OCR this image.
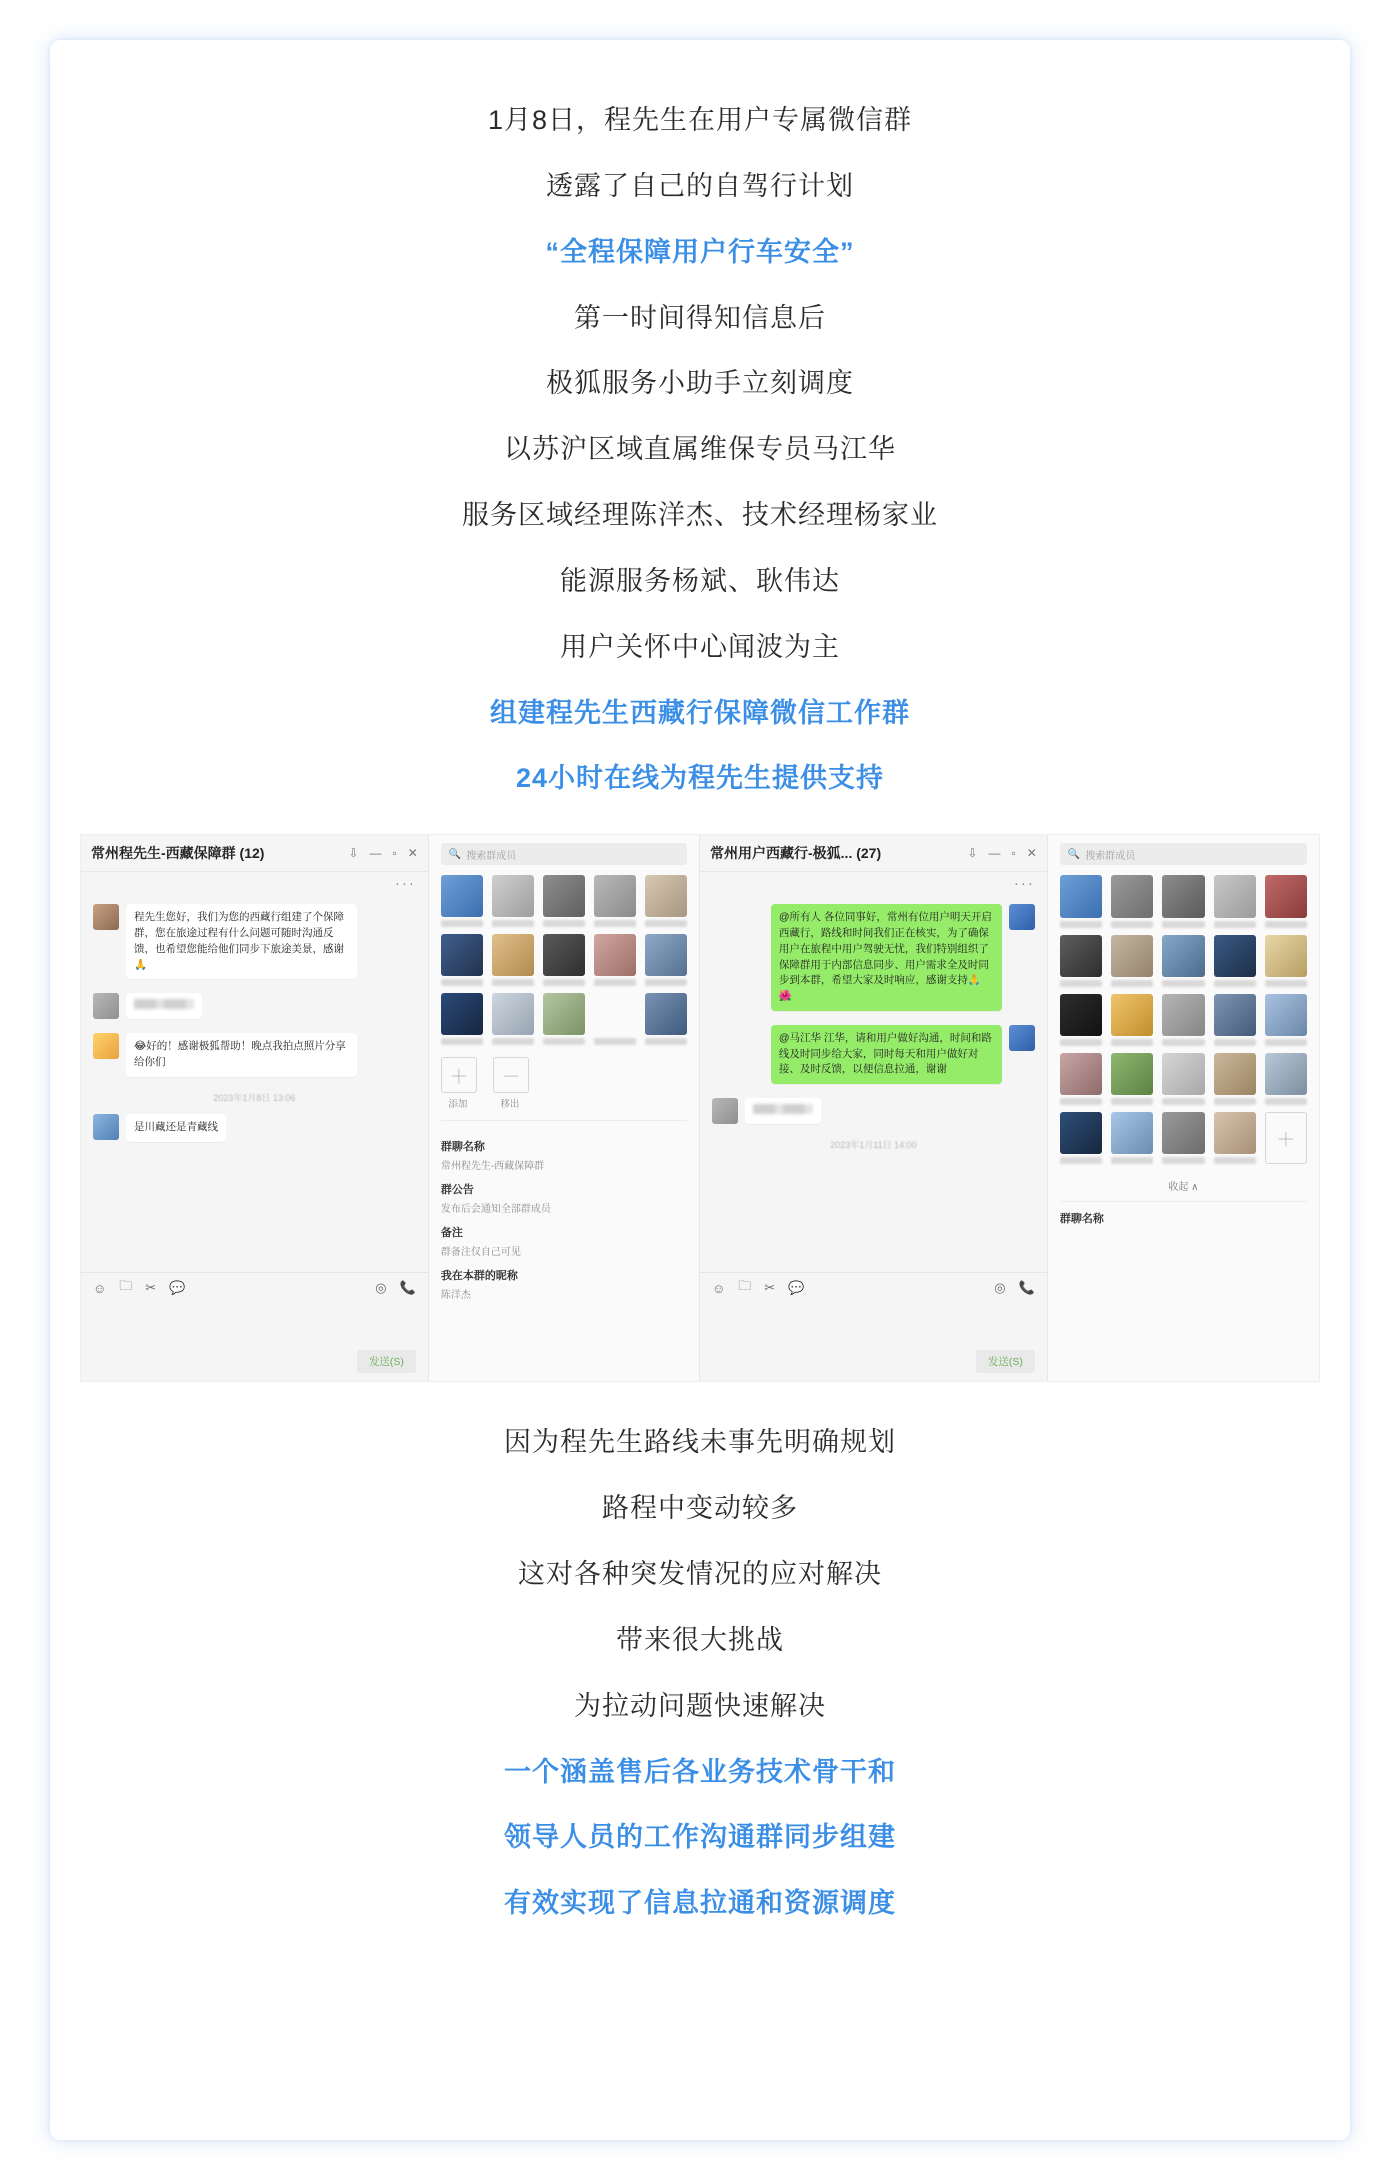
1月8日，程先生在用户专属微信群

透露了自己的自驾行计划

“全程保障用户行车安全”

第一时间得知信息后

极狐服务小助手立刻调度

以苏沪区域直属维保专员马江华

服务区域经理陈洋杰、技术经理杨家业

能源服务杨斌、耿伟达

用户关怀中心闻波为主

组建程先生西藏行保障微信工作群

24小时在线为程先生提供支持

常州程先生-西藏保障群 (12)	⇩ — ▫ ✕
···
程先生您好，我们为您的西藏行组建了个保障群，您在旅途过程有什么问题可随时沟通反馈，也希望您能给他们同步下旅途美景，感谢🙏
😂好的！感谢极狐帮助！晚点我拍点照片分享给你们
2023年1月8日 13:06
是川藏还是青藏线
☺ 🗀 ✂ 💬	◎ 📞
发送(S)
🔍 搜索群成员
＋
添加
－
移出
群聊名称
常州程先生-西藏保障群
群公告
发布后会通知全部群成员
备注
群备注仅自己可见
我在本群的昵称
陈洋杰
常州用户西藏行-极狐... (27)	⇩ — ▫ ✕
···
@所有人 各位同事好，常州有位用户明天开启西藏行，路线和时间我们正在核实，为了确保用户在旅程中用户驾驶无忧，我们特别组织了保障群用于内部信息同步、用户需求全及时同步到本群，希望大家及时响应，感谢支持🙏🌺
@马江华 江华，请和用户做好沟通，时间和路线及时同步给大家，同时每天和用户做好对接、及时反馈，以便信息拉通，谢谢
2023年1月11日 14:00
☺ 🗀 ✂ 💬	◎ 📞
发送(S)
🔍 搜索群成员
＋
收起 ∧
群聊名称

因为程先生路线未事先明确规划

路程中变动较多

这对各种突发情况的应对解决

带来很大挑战

为拉动问题快速解决

一个涵盖售后各业务技术骨干和

领导人员的工作沟通群同步组建

有效实现了信息拉通和资源调度
